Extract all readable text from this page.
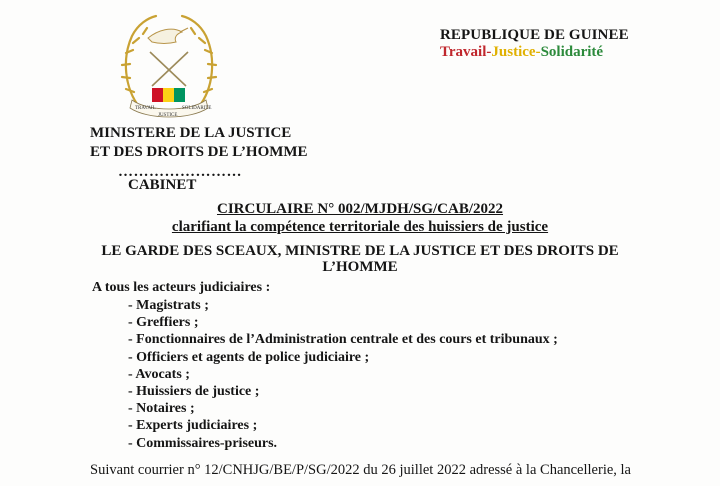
TRAVAIL
JUSTICE
SOLIDARITE
REPUBLIQUE DE GUINEE
Travail-Justice-Solidarité
MINISTERE DE LA JUSTICE
ET DES DROITS DE L’HOMME
……………………
CABINET
CIRCULAIRE N° 002/MJDH/SG/CAB/2022
clarifiant la compétence territoriale des huissiers de justice
LE GARDE DES SCEAUX, MINISTRE DE LA JUSTICE ET DES DROITS DE
L’HOMME
A tous les acteurs judiciaires :
- Magistrats ;
- Greffiers ;
- Fonctionnaires de l’Administration centrale et des cours et tribunaux ;
- Officiers et agents de police judiciaire ;
- Avocats ;
- Huissiers de justice ;
- Notaires ;
- Experts judiciaires ;
- Commissaires-priseurs.
Suivant courrier n° 12/CNHJG/BE/P/SG/2022 du 26 juillet 2022 adressé à la Chancellerie, la
